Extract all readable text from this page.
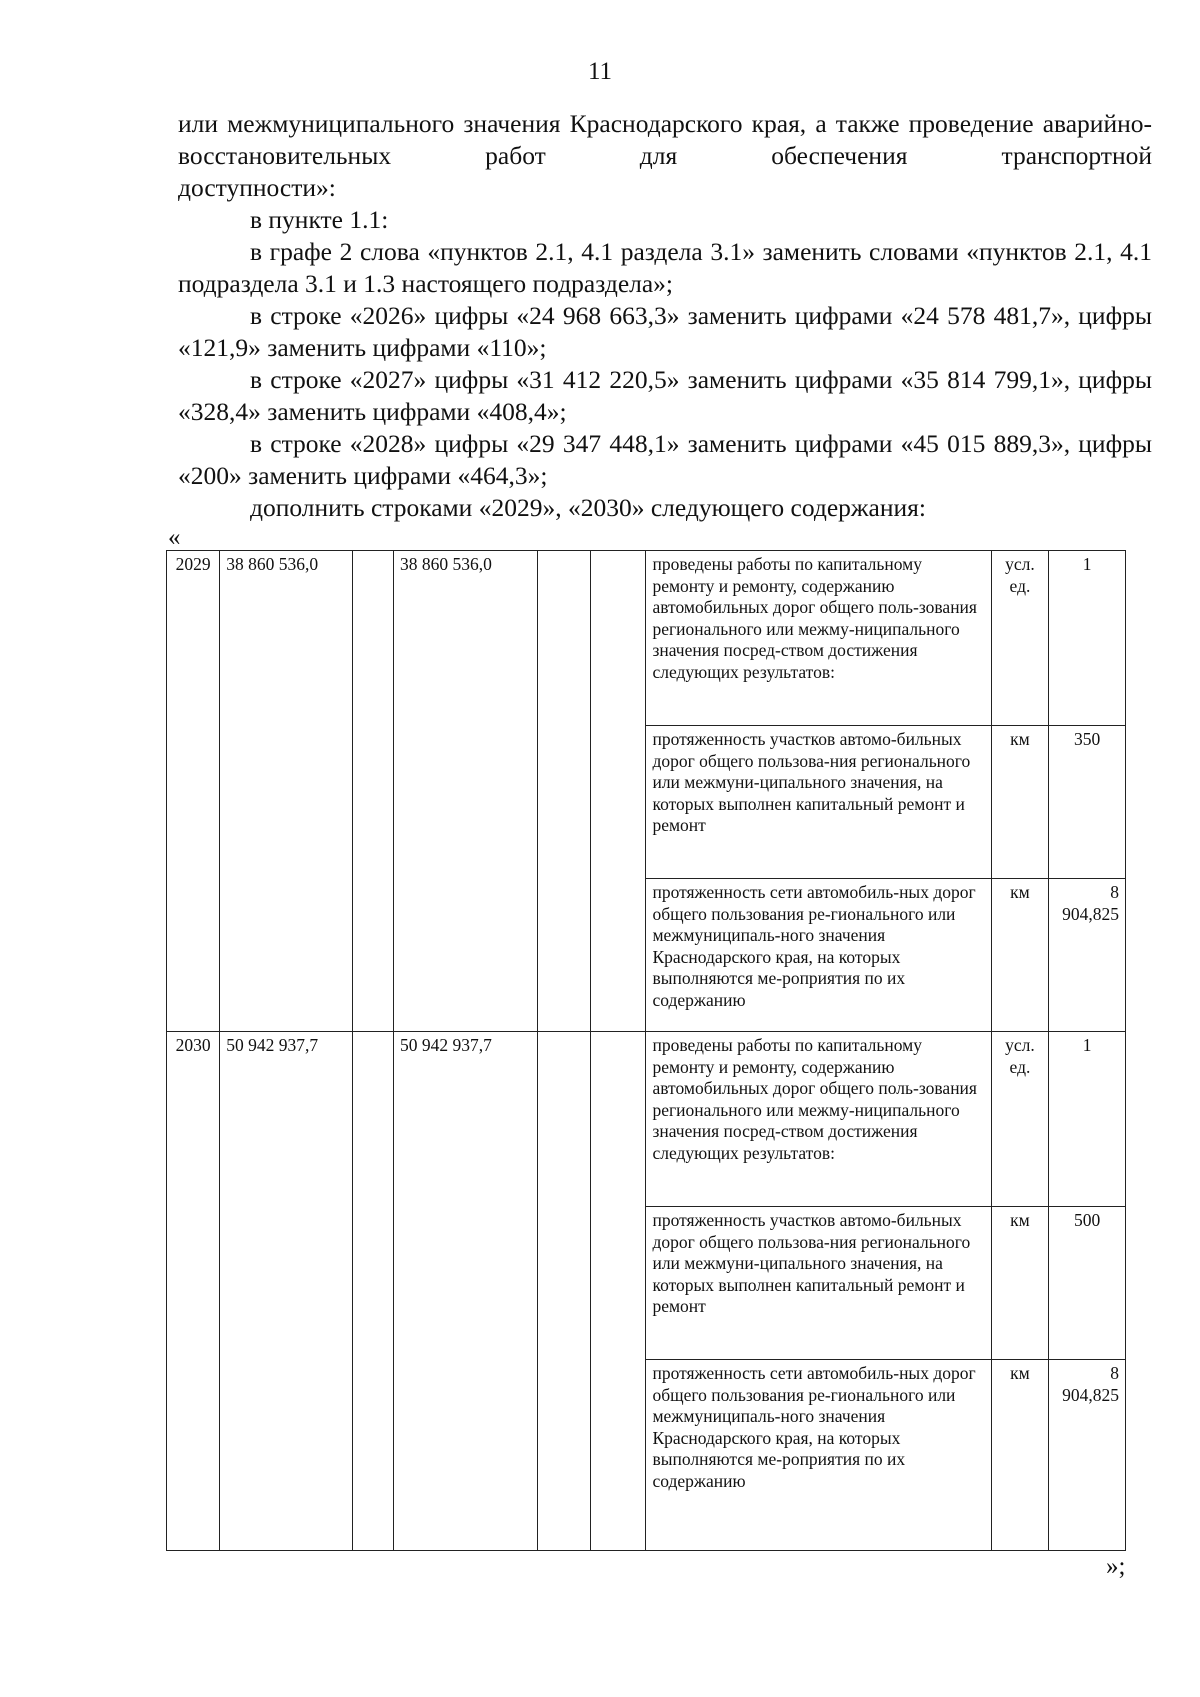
11

или межмуниципального значения Краснодарского края, а также проведение аварийно-восстановительных работ для обеспечения транспортной

доступности»:

в пункте 1.1:

в графе 2 слова «пунктов 2.1, 4.1 раздела 3.1» заменить словами «пунктов 2.1, 4.1 подраздела 3.1 и 1.3 настоящего подраздела»;

в строке «2026» цифры «24 968 663,3» заменить цифрами «24 578 481,7», цифры «121,9» заменить цифрами «110»;

в строке «2027» цифры «31 412 220,5» заменить цифрами «35 814 799,1», цифры «328,4» заменить цифрами «408,4»;

в строке «2028» цифры «29 347 448,1» заменить цифрами «45 015 889,3», цифры «200» заменить цифрами «464,3»;

дополнить строками «2029», «2030» следующего содержания:

«
2029	38 860 536,0		38 860 536,0			проведены работы по капитальному ремонту и ремонту, содержанию автомобильных дорог общего поль-зования регионального или межму-ниципального значения посред-ством достижения следующих результатов:	усл. ед.	1
						протяженность участков автомо-бильных дорог общего пользова-ния регионального или межмуни-ципального значения, на которых выполнен капитальный ремонт и ремонт	км	350
						протяженность сети автомобиль-ных дорог общего пользования ре-гионального или межмуниципаль-ного значения Краснодарского края, на которых выполняются ме-роприятия по их содержанию	км	8 904,825
2030	50 942 937,7		50 942 937,7			проведены работы по капитальному ремонту и ремонту, содержанию автомобильных дорог общего поль-зования регионального или межму-ниципального значения посред-ством достижения следующих результатов:	усл. ед.	1
						протяженность участков автомо-бильных дорог общего пользова-ния регионального или межмуни-ципального значения, на которых выполнен капитальный ремонт и ремонт	км	500
						протяженность сети автомобиль-ных дорог общего пользования ре-гионального или межмуниципаль-ного значения Краснодарского края, на которых выполняются ме-роприятия по их содержанию	км	8 904,825
»;
